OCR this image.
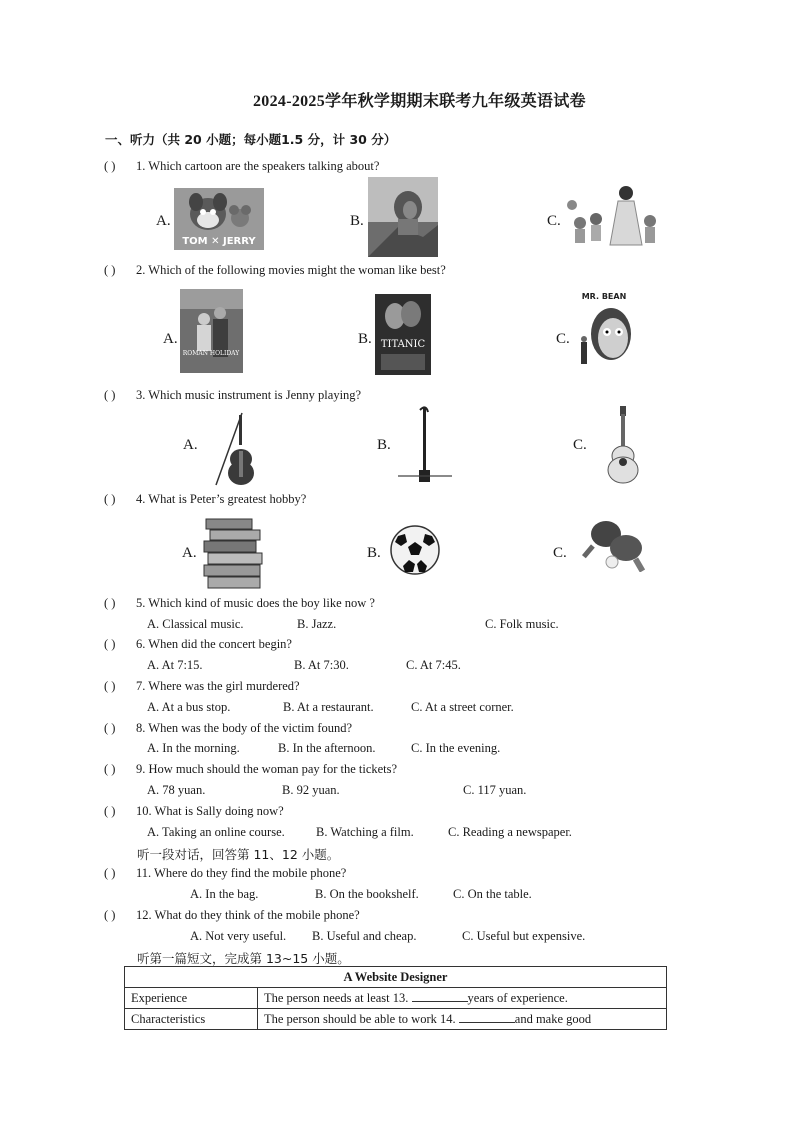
2024-2025学年秋学期期末联考九年级英语试卷
一、听力（共 20 小题；每小题1.5 分，计 30 分）
( ) 1. Which cartoon are the speakers talking about?
A.
TOM ✕ JERRY
B.	C.
( ) 2. Which of the following movies might the woman like best?
A.
ROMAN HOLIDAY
B. TITANIC	C.
MR. BEAN
( ) 3. Which music instrument is Jenny playing?
A.	B.	C.
( ) 4. What is Peter’s greatest hobby?
A.	B.	C.
( ) 5. Which kind of music does the boy like now ?
A. Classical music.	B. Jazz.	C. Folk music.
( ) 6. When did the concert begin?
A. At 7:15.	B. At 7:30.	C. At 7:45.
( ) 7. Where was the girl murdered?
A. At a bus stop.	B. At a restaurant.	C. At a street corner.
( ) 8. When was the body of the victim found?
A. In the morning.	B. In the afternoon.	C. In the evening.
( ) 9. How much should the woman pay for the tickets?
A. 78 yuan.	B. 92 yuan.	C. 117 yuan.
( ) 10. What is Sally doing now?
A. Taking an online course. B. Watching a film.	C. Reading a newspaper.
听一段对话，回答第 11、12 小题。
( ) 11. Where do they find the mobile phone?
A. In the bag.	B. On the bookshelf.	C. On the table.
( ) 12. What do they think of the mobile phone?
A. Not very useful. B. Useful and cheap.	C. Useful but expensive.
听第一篇短文，完成第 13~15 小题。
A Website Designer	
Experience	The person needs at least 13. years of experience.
Characteristics	The person should be able to work 14. and make good
